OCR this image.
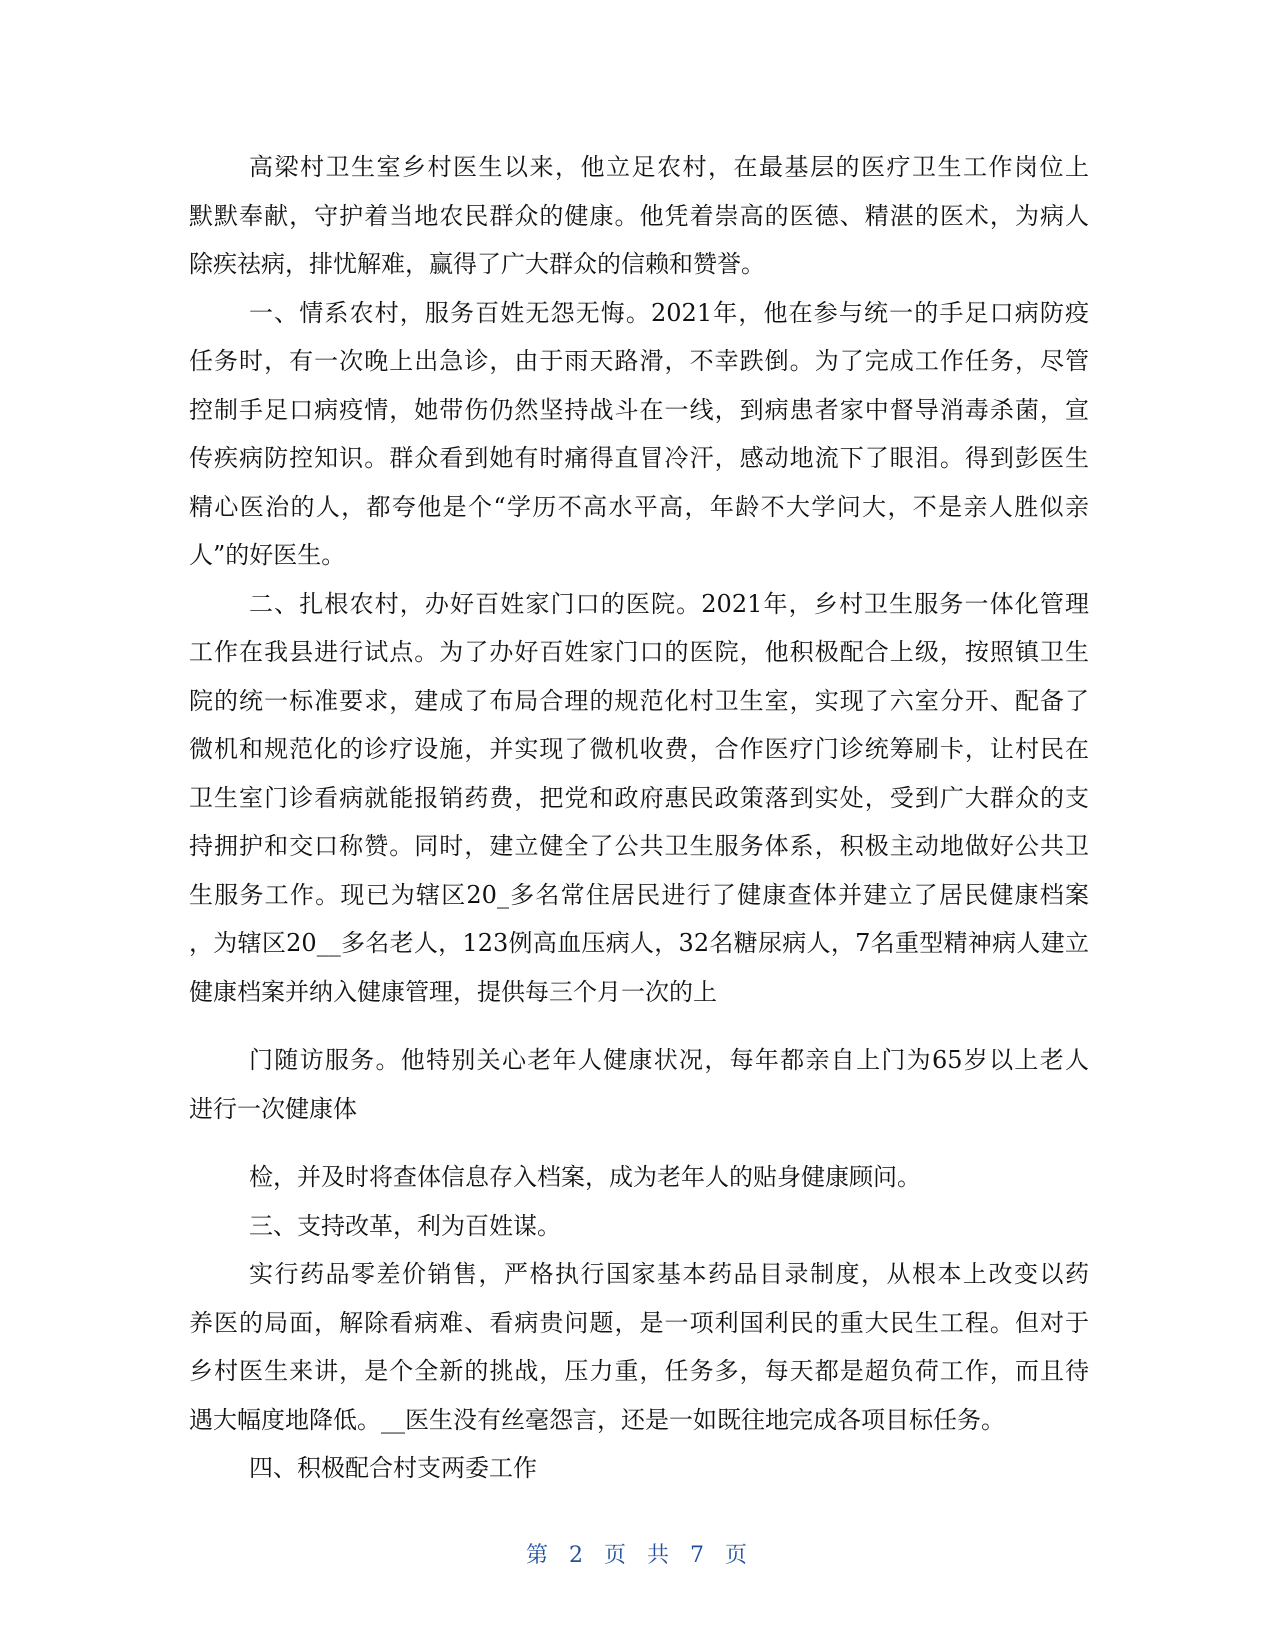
高梁村卫生室乡村医生以来，他立足农村，在最基层的医疗卫生工作岗位上
默默奉献，守护着当地农民群众的健康。他凭着崇高的医德、精湛的医术，为病人
除疾祛病，排忧解难，赢得了广大群众的信赖和赞誉。
一、情系农村，服务百姓无怨无悔。2021年，他在参与统一的手足口病防疫
任务时，有一次晚上出急诊，由于雨天路滑，不幸跌倒。为了完成工作任务，尽管
控制手足口病疫情，她带伤仍然坚持战斗在一线，到病患者家中督导消毒杀菌，宣
传疾病防控知识。群众看到她有时痛得直冒冷汗，感动地流下了眼泪。得到彭医生
精心医治的人，都夸他是个“学历不高水平高，年龄不大学问大，不是亲人胜似亲
人”的好医生。
二、扎根农村，办好百姓家门口的医院。2021年，乡村卫生服务一体化管理
工作在我县进行试点。为了办好百姓家门口的医院，他积极配合上级，按照镇卫生
院的统一标准要求，建成了布局合理的规范化村卫生室，实现了六室分开、配备了
微机和规范化的诊疗设施，并实现了微机收费，合作医疗门诊统筹刷卡，让村民在
卫生室门诊看病就能报销药费，把党和政府惠民政策落到实处，受到广大群众的支
持拥护和交口称赞。同时，建立健全了公共卫生服务体系，积极主动地做好公共卫
生服务工作。现已为辖区20_多名常住居民进行了健康查体并建立了居民健康档案
，为辖区20__多名老人，123例高血压病人，32名糖尿病人，7名重型精神病人建立
健康档案并纳入健康管理，提供每三个月一次的上
门随访服务。他特别关心老年人健康状况，每年都亲自上门为65岁以上老人
进行一次健康体
检，并及时将查体信息存入档案，成为老年人的贴身健康顾问。
三、支持改革，利为百姓谋。
实行药品零差价销售，严格执行国家基本药品目录制度，从根本上改变以药
养医的局面，解除看病难、看病贵问题，是一项利国利民的重大民生工程。但对于
乡村医生来讲，是个全新的挑战，压力重，任务多，每天都是超负荷工作，而且待
遇大幅度地降低。__医生没有丝毫怨言，还是一如既往地完成各项目标任务。
四、积极配合村支两委工作
第 2 页 共 7 页
